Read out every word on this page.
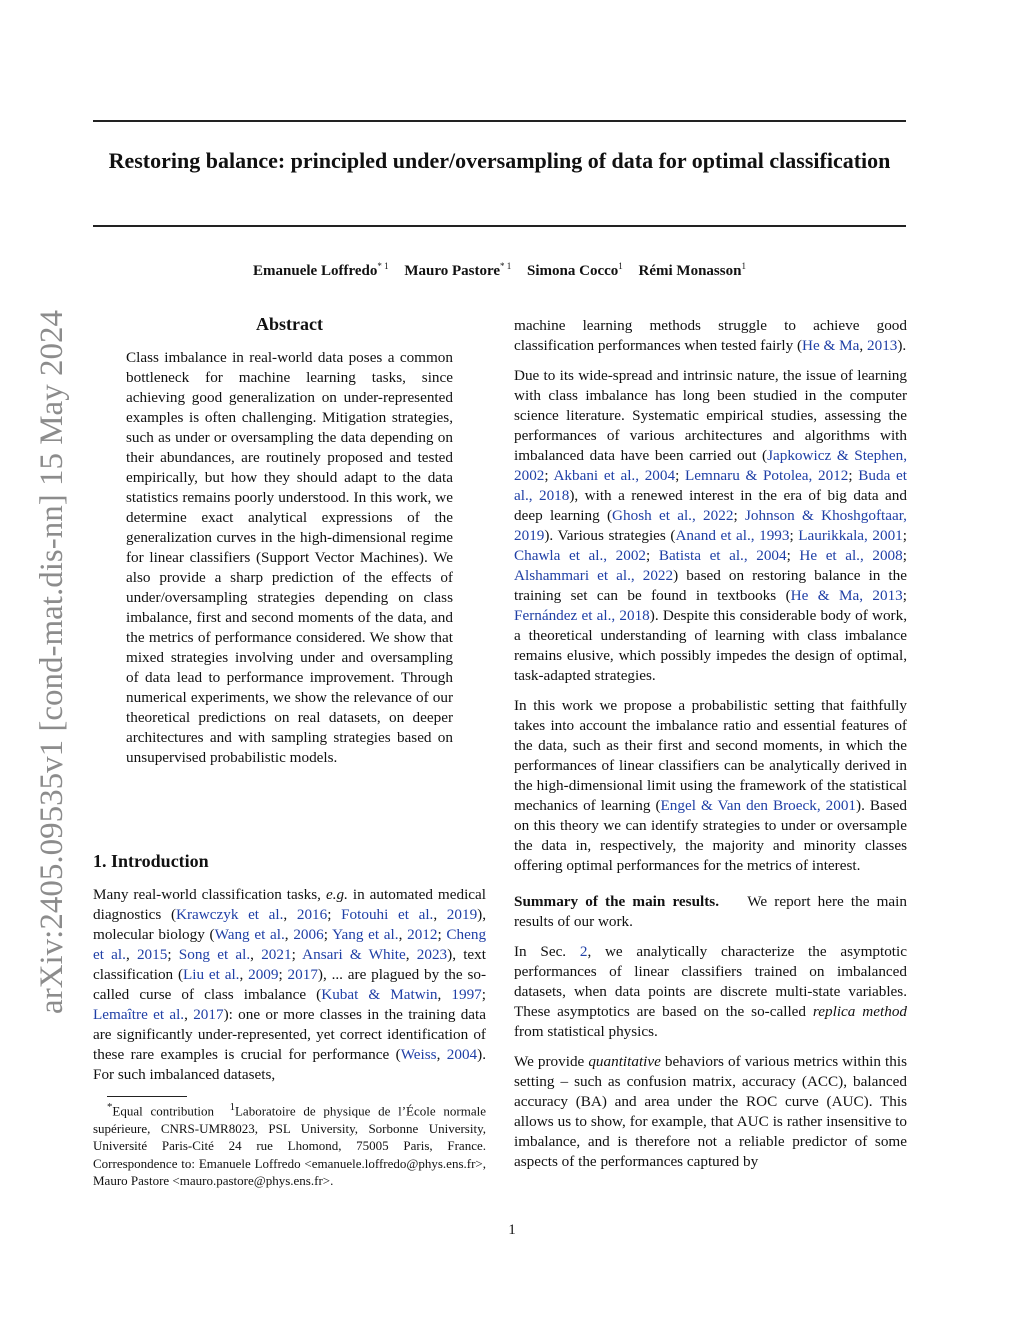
Restoring balance: principled under/oversampling of data for optimal classification
Emanuele Loffredo$^{* 1}$ Mauro Pastore$^{* 1}$ Simona Cocco$^1$ Rémi Monasson$^1$
arXiv:2405.09535v1 [cond-mat.dis-nn] 15 May 2024	Abstract
Class imbalance in real-world data poses a common bottleneck for machine learning tasks, since achieving good generalization on under-represented examples is often challenging. Mitigation strategies, such as under or oversampling the data depending on their abundances, are routinely proposed and tested empirically, but how they should adapt to the data statistics remains poorly understood. In this work, we determine exact analytical expressions of the generalization curves in the high-dimensional regime for linear classifiers (Support Vector Machines). We also provide a sharp prediction of the effects of under/oversampling strategies depending on class imbalance, first and second moments of the data, and the metrics of performance considered. We show that mixed strategies involving under and oversampling of data lead to performance improvement. Through numerical experiments, we show the relevance of our theoretical predictions on real datasets, on deeper architectures and with sampling strategies based on unsupervised probabilistic models.
1. Introduction
Many real-world classification tasks, e.g. in automated medical diagnostics (Krawczyk et al., 2016; Fotouhi et al., 2019), molecular biology (Wang et al., 2006; Yang et al., 2012; Cheng et al., 2015; Song et al., 2021; Ansari & White, 2023), text classification (Liu et al., 2009; 2017), ... are plagued by the so-called curse of class imbalance (Kubat & Matwin, 1997; Lemaître et al., 2017): one or more classes in the training data are significantly under-represented, yet correct identification of these rare examples is crucial for performance (Weiss, 2004). For such imbalanced datasets,

*Equal contribution $^1$Laboratoire de physique de l’École normale supérieure, CNRS-UMR8023, PSL University, Sorbonne University, Université Paris-Cité 24 rue Lhomond, 75005 Paris, France. Correspondence to: Emanuele Loffredo <emanuele.loffredo@phys.ens.fr>, Mauro Pastore <mauro.pastore@phys.ens.fr>.

machine learning methods struggle to achieve good classification performances when tested fairly (He & Ma, 2013).

Due to its wide-spread and intrinsic nature, the issue of learning with class imbalance has long been studied in the computer science literature. Systematic empirical studies, assessing the performances of various architectures and algorithms with imbalanced data have been carried out (Japkowicz & Stephen, 2002; Akbani et al., 2004; Lemnaru & Potolea, 2012; Buda et al., 2018), with a renewed interest in the era of big data and deep learning (Ghosh et al., 2022; Johnson & Khoshgoftaar, 2019). Various strategies (Anand et al., 1993; Laurikkala, 2001; Chawla et al., 2002; Batista et al., 2004; He et al., 2008; Alshammari et al., 2022) based on restoring balance in the training set can be found in textbooks (He & Ma, 2013; Fernández et al., 2018). Despite this considerable body of work, a theoretical understanding of learning with class imbalance remains elusive, which possibly impedes the design of optimal, task-adapted strategies.

In this work we propose a probabilistic setting that faithfully takes into account the imbalance ratio and essential features of the data, such as their first and second moments, in which the performances of linear classifiers can be analytically derived in the high-dimensional limit using the framework of the statistical mechanics of learning (Engel & Van den Broeck, 2001). Based on this theory we can identify strategies to under or oversample the data in, respectively, the majority and minority classes offering optimal performances for the metrics of interest.

Summary of the main results. We report here the main results of our work.

In Sec. 2, we analytically characterize the asymptotic performances of linear classifiers trained on imbalanced datasets, when data points are discrete multi-state variables. These asymptotics are based on the so-called replica method from statistical physics.

We provide quantitative behaviors of various metrics within this setting – such as confusion matrix, accuracy (ACC), balanced accuracy (BA) and area under the ROC curve (AUC). This allows us to show, for example, that AUC is rather insensitive to imbalance, and is therefore not a reliable predictor of some aspects of the performances captured by

1
